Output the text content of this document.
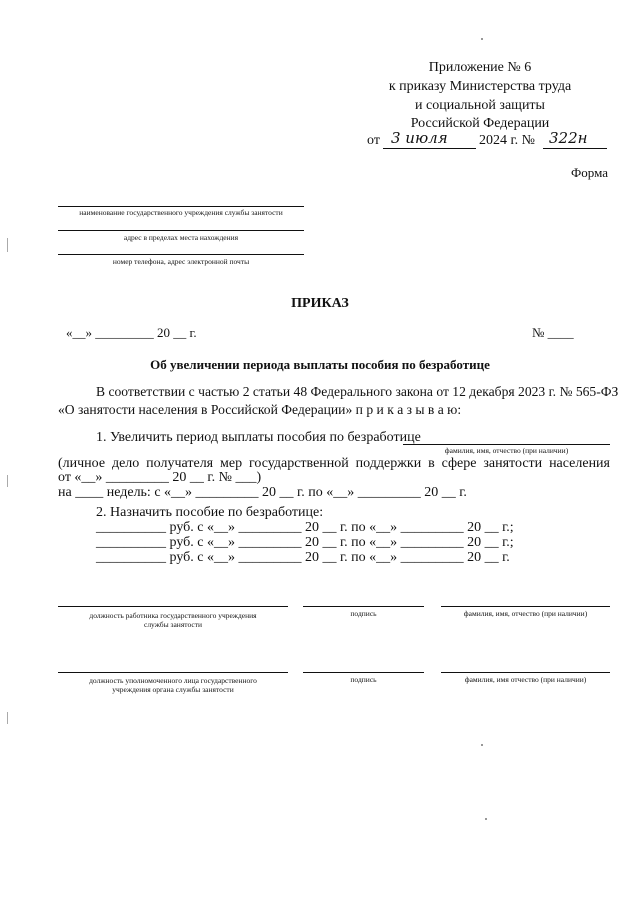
Приложение № 6
к приказу Министерства труда
и социальной защиты
Российской Федерации
от 3 июля 2024 г. № 322н
Форма
наименование государственного учреждения службы занятости
адрес в пределах места нахождения
номер телефона, адрес электронной почты
ПРИКАЗ
«__» _________ 20 __ г.	№ ____
Об увеличении периода выплаты пособия по безработице
В соответствии с частью 2 статьи 48 Федерального закона от 12 декабря 2023 г. № 565-ФЗ
«О занятости населения в Российской Федерации» п р и к а з ы в а ю:
1. Увеличить период выплаты пособия по безработице
фамилия, имя, отчество (при наличии)
(личное дело получателя мер государственной поддержки в сфере занятости населения
от «__» _________ 20 __ г. № ___)
на ____ недель: с «__» _________ 20 __ г. по «__» _________ 20 __ г.
2. Назначить пособие по безработице:
__________ руб. с «__» _________ 20 __ г. по «__» _________ 20 __ г.;
__________ руб. с «__» _________ 20 __ г. по «__» _________ 20 __ г.;
__________ руб. с «__» _________ 20 __ г. по «__» _________ 20 __ г.
должность работника государственного учреждения
службы занятости
подпись	фамилия, имя, отчество (при наличии)
должность уполномоченного лица государственного
учреждения органа службы занятости
подпись	фамилия, имя отчество (при наличии)
